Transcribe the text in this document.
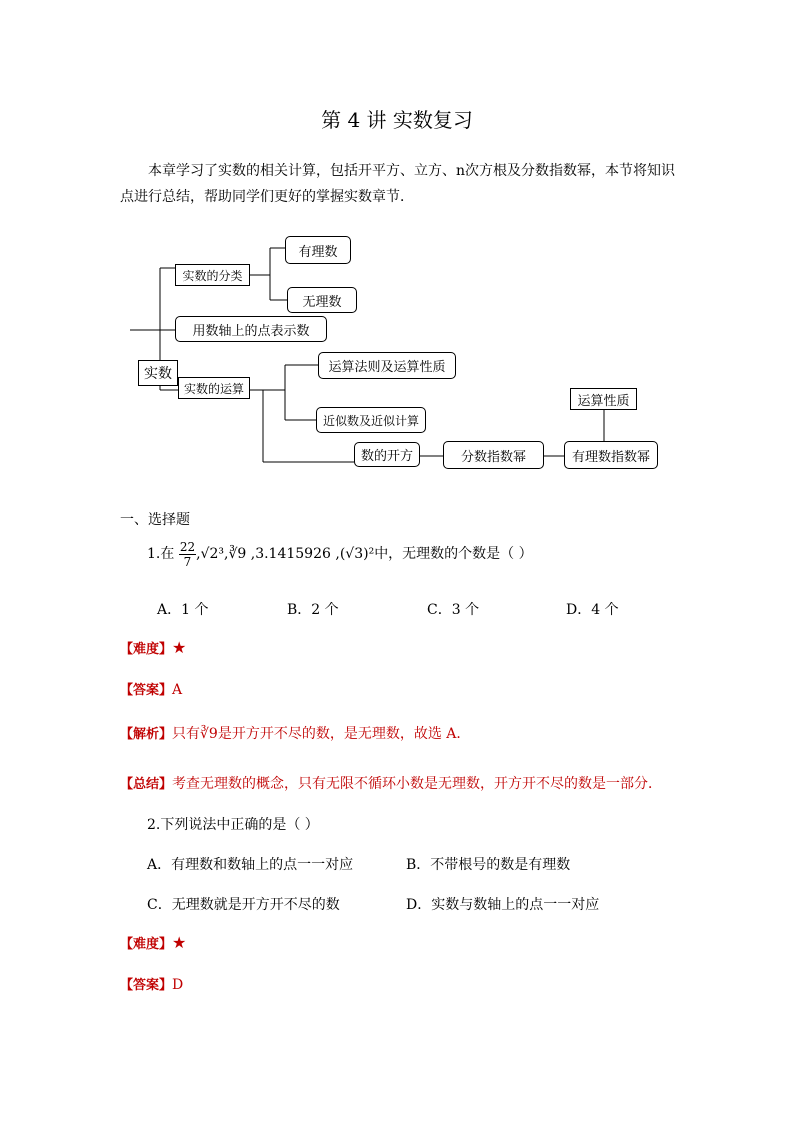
第 4 讲 实数复习
本章学习了实数的相关计算，包括开平方、立方、n次方根及分数指数幂，本节将知识
点进行总结，帮助同学们更好的掌握实数章节．
实数
实数的分类
有理数
无理数
用数轴上的点表示数
实数的运算
运算法则及运算性质
近似数及近似计算
数的开方	分数指数幂	有理数指数幂
运算性质
一、选择题
1.在 $\frac{22}{7}$ ,√2³,∛9 ,3.1415926 ,(√3)²中，无理数的个数是（ ）
A．1 个	B．2 个	C．3 个	D．4 个
【难度】★
【答案】A
【解析】只有∛9是开方开不尽的数，是无理数，故选 A．
【总结】考查无理数的概念，只有无限不循环小数是无理数，开方开不尽的数是一部分．
2.下列说法中正确的是（ ）
A．有理数和数轴上的点一一对应	B．不带根号的数是有理数
C．无理数就是开方开不尽的数	D．实数与数轴上的点一一对应
【难度】★
【答案】D
